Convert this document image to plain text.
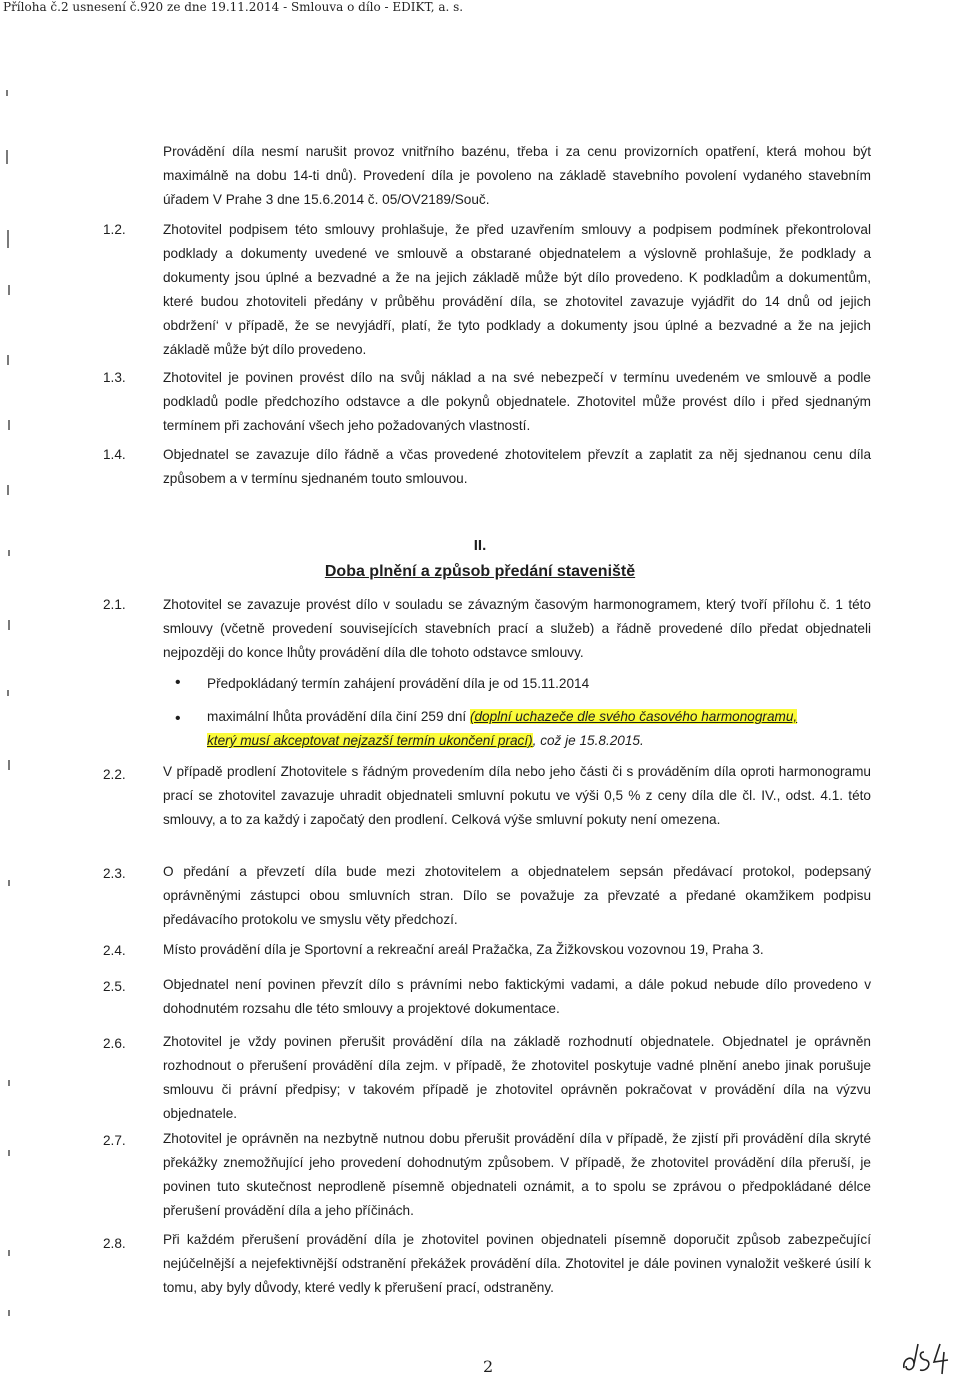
Příloha č.2 usnesení č.920 ze dne 19.11.2014 - Smlouva o dílo - EDIKT, a. s.
Provádění díla nesmí narušit provoz vnitřního bazénu, třeba i za cenu provizorních opatření, která mohou být maximálně na dobu 14-ti dnů). Provedení díla je povoleno na základě stavebního povolení vydaného stavebním úřadem V Prahe 3 dne 15.6.2014 č. 05/OV2189/Souč.
1.2.	Zhotovitel podpisem této smlouvy prohlašuje, že před uzavřením smlouvy a podpisem podmínek překontroloval podklady a dokumenty uvedené ve smlouvě a obstarané objednatelem a výslovně prohlašuje, že podklady a dokumenty jsou úplné a bezvadné a že na jejich základě může být dílo provedeno. K podkladům a dokumentům, které budou zhotoviteli předány v průběhu provádění díla, se zhotovitel zavazuje vyjádřit do 14 dnů od jejich obdržení‘ v případě, že se nevyjádří, platí, že tyto podklady a dokumenty jsou úplné a bezvadné a že na jejich základě může být dílo provedeno.
1.3.	Zhotovitel je povinen provést dílo na svůj náklad a na své nebezpečí v termínu uvedeném ve smlouvě a podle podkladů podle předchozího odstavce a dle pokynů objednatele. Zhotovitel může provést dílo i před sjednaným termínem při zachování všech jeho požadovaných vlastností.
1.4.	Objednatel se zavazuje dílo řádně a včas provedené zhotovitelem převzít a zaplatit za něj sjednanou cenu díla způsobem a v termínu sjednaném touto smlouvou.
II.
Doba plnění a způsob předání staveniště
2.1.	Zhotovitel se zavazuje provést dílo v souladu se závazným časovým harmonogramem, který tvoří přílohu č. 1 této smlouvy (včetně provedení souvisejících stavebních prací a služeb) a řádně provedené dílo předat objednateli nejpozději do konce lhůty provádění díla dle tohoto odstavce smlouvy.
• Předpokládaný termín zahájení provádění díla je od 15.11.2014
• maximální lhůta provádění díla činí 259 dní (doplní uchazeče dle svého časového harmonogramu,
který musí akceptovat nejzazší termín ukončení prací), což je 15.8.2015.
2.2.	V případě prodlení Zhotovitele s řádným provedením díla nebo jeho části či s prováděním díla oproti harmonogramu prací se zhotovitel zavazuje uhradit objednateli smluvní pokutu ve výši 0,5 % z ceny díla dle čl. IV., odst. 4.1. této smlouvy, a to za každý i započatý den prodlení. Celková výše smluvní pokuty není omezena.
2.3.	O předání a převzetí díla bude mezi zhotovitelem a objednatelem sepsán předávací protokol, podepsaný oprávněnými zástupci obou smluvních stran. Dílo se považuje za převzaté a předané okamžikem podpisu předávacího protokolu ve smyslu věty předchozí.
2.4.	Místo provádění díla je Sportovní a rekreační areál Pražačka, Za Žižkovskou vozovnou 19, Praha 3.
2.5.	Objednatel není povinen převzít dílo s právními nebo faktickými vadami, a dále pokud nebude dílo provedeno v dohodnutém rozsahu dle této smlouvy a projektové dokumentace.
2.6.	Zhotovitel je vždy povinen přerušit provádění díla na základě rozhodnutí objednatele. Objednatel je oprávněn rozhodnout o přerušení provádění díla zejm. v případě, že zhotovitel poskytuje vadné plnění anebo jinak porušuje smlouvu či právní předpisy; v takovém případě je zhotovitel oprávněn pokračovat v provádění díla na výzvu objednatele.
2.7.	Zhotovitel je oprávněn na nezbytně nutnou dobu přerušit provádění díla v případě, že zjistí při provádění díla skryté překážky znemožňující jeho provedení dohodnutým způsobem. V případě, že zhotovitel provádění díla přeruší, je povinen tuto skutečnost neprodleně písemně objednateli oznámit, a to spolu se zprávou o předpokládané délce přerušení provádění díla a jeho příčinách.
2.8.	Při každém přerušení provádění díla je zhotovitel povinen objednateli písemně doporučit způsob zabezpečující nejúčelnější a nejefektivnější odstranění překážek provádění díla. Zhotovitel je dále povinen vynaložit veškeré úsilí k tomu, aby byly důvody, které vedly k přerušení prací, odstraněny.
2
